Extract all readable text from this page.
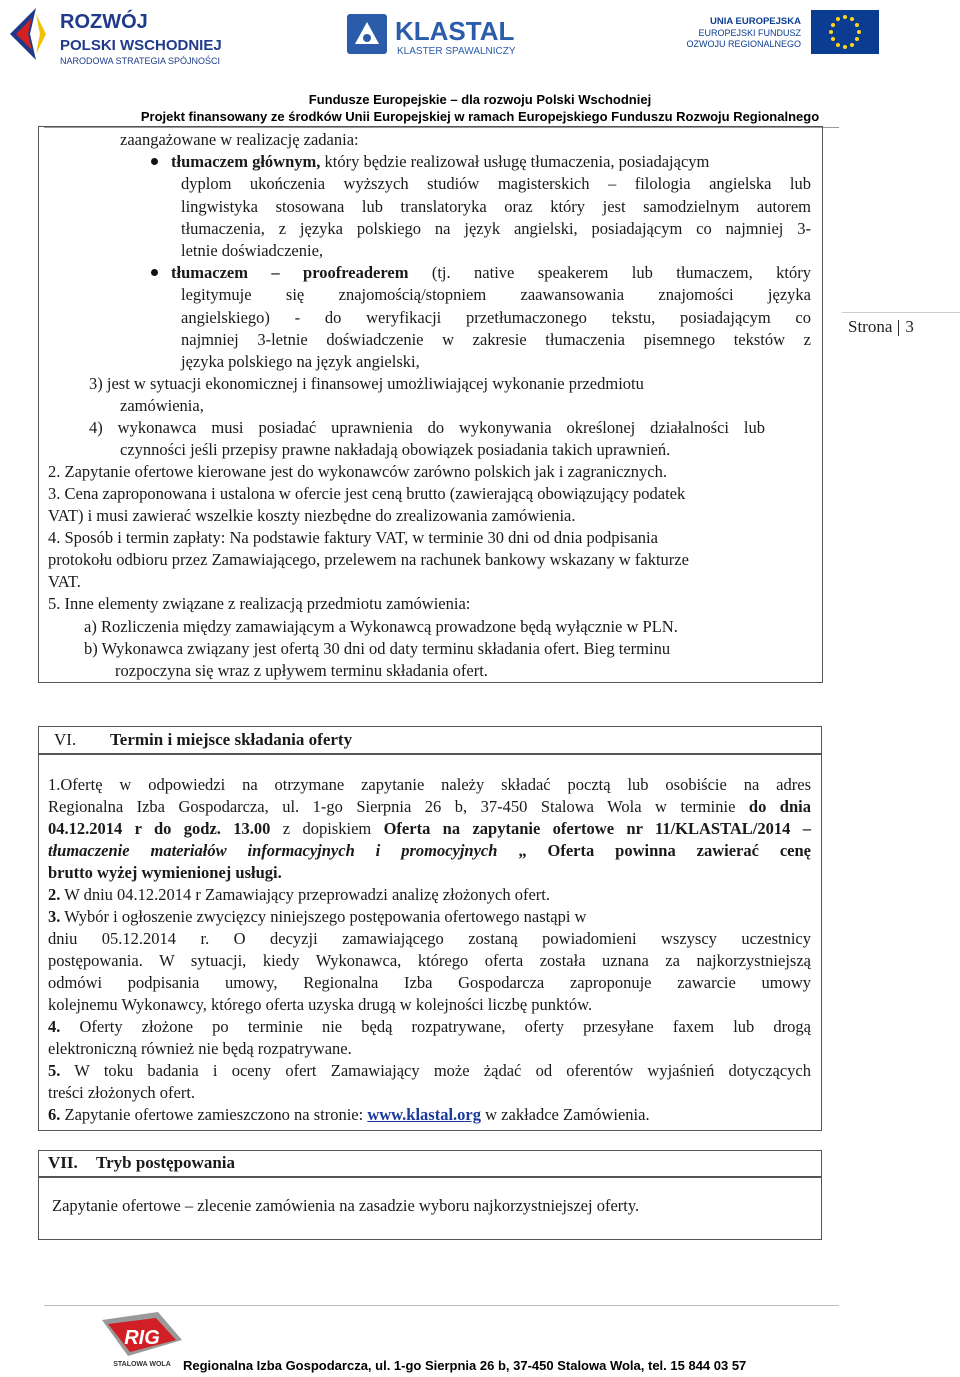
ROZWÓJ
POLSKI WSCHODNIEJ
NARODOWA STRATEGIA SPÓJNOŚCI
KLASTAL
KLASTER SPAWALNICZY
UNIA EUROPEJSKA
EUROPEJSKI FUNDUSZ
ROZWOJU REGIONALNEGO
Fundusze Europejskie – dla rozwoju Polski Wschodniej
Projekt finansowany ze środków Unii Europejskiej w ramach Europejskiego Funduszu Rozwoju Regionalnego
Strona 3
zaangażowane w realizację zadania:
tłumaczem głównym, który będzie realizował usługę tłumaczenia, posiadającym
dyplom ukończenia wyższych studiów magisterskich – filologia angielska lub
lingwistyka stosowana lub translatoryka oraz który jest samodzielnym autorem
tłumaczenia, z języka polskiego na język angielski, posiadającym co najmniej 3-
letnie doświadczenie,
tłumaczem – proofreaderem (tj. native speakerem lub tłumaczem, który
legitymuje się znajomością/stopniem zaawansowania znajomości języka
angielskiego) - do weryfikacji przetłumaczonego tekstu, posiadającym co
najmniej 3-letnie doświadczenie w zakresie tłumaczenia pisemnego tekstów z
języka polskiego na język angielski,
3) jest w sytuacji ekonomicznej i finansowej umożliwiającej wykonanie przedmiotu
zamówienia,
4) wykonawca musi posiadać uprawnienia do wykonywania określonej działalności lub
czynności jeśli przepisy prawne nakładają obowiązek posiadania takich uprawnień.
2. Zapytanie ofertowe kierowane jest do wykonawców zarówno polskich jak i zagranicznych.
3. Cena zaproponowana i ustalona w ofercie jest ceną brutto (zawierającą obowiązujący podatek
VAT) i musi zawierać wszelkie koszty niezbędne do zrealizowania zamówienia.
4. Sposób i termin zapłaty: Na podstawie faktury VAT, w terminie 30 dni od dnia podpisania
protokołu odbioru przez Zamawiającego, przelewem na rachunek bankowy wskazany w fakturze
VAT.
5. Inne elementy związane z realizacją przedmiotu zamówienia:
a) Rozliczenia między zamawiającym a Wykonawcą prowadzone będą wyłącznie w PLN.
b) Wykonawca związany jest ofertą 30 dni od daty terminu składania ofert. Bieg terminu
rozpoczyna się wraz z upływem terminu składania ofert.
VI. Termin i miejsce składania oferty
1.Ofertę w odpowiedzi na otrzymane zapytanie należy składać pocztą lub osobiście na adres
Regionalna Izba Gospodarcza, ul. 1-go Sierpnia 26 b, 37-450 Stalowa Wola w terminie do dnia
04.12.2014 r do godz. 13.00 z dopiskiem Oferta na zapytanie ofertowe nr 11/KLASTAL/2014 –
tłumaczenie materiałów informacyjnych i promocyjnych „ Oferta powinna zawierać cenę
brutto wyżej wymienionej usługi.
2. W dniu 04.12.2014 r Zamawiający przeprowadzi analizę złożonych ofert.
3. Wybór i ogłoszenie zwycięzcy niniejszego postępowania ofertowego nastąpi w
dniu 05.12.2014 r. O decyzji zamawiającego zostaną powiadomieni wszyscy uczestnicy
postępowania. W sytuacji, kiedy Wykonawca, którego oferta została uznana za najkorzystniejszą
odmówi podpisania umowy, Regionalna Izba Gospodarcza zaproponuje zawarcie umowy
kolejnemu Wykonawcy, którego oferta uzyska drugą w kolejności liczbę punktów.
4. Oferty złożone po terminie nie będą rozpatrywane, oferty przesyłane faxem lub drogą
elektroniczną również nie będą rozpatrywane.
5. W toku badania i oceny ofert Zamawiający może żądać od oferentów wyjaśnień dotyczących
treści złożonych ofert.
6. Zapytanie ofertowe zamieszczono na stronie: www.klastal.org w zakładce Zamówienia.
VII. Tryb postępowania
Zapytanie ofertowe – zlecenie zamówienia na zasadzie wyboru najkorzystniejszej oferty.
RIG
STALOWA WOLA Regionalna Izba Gospodarcza, ul. 1-go Sierpnia 26 b, 37-450 Stalowa Wola, tel. 15 844 03 57
